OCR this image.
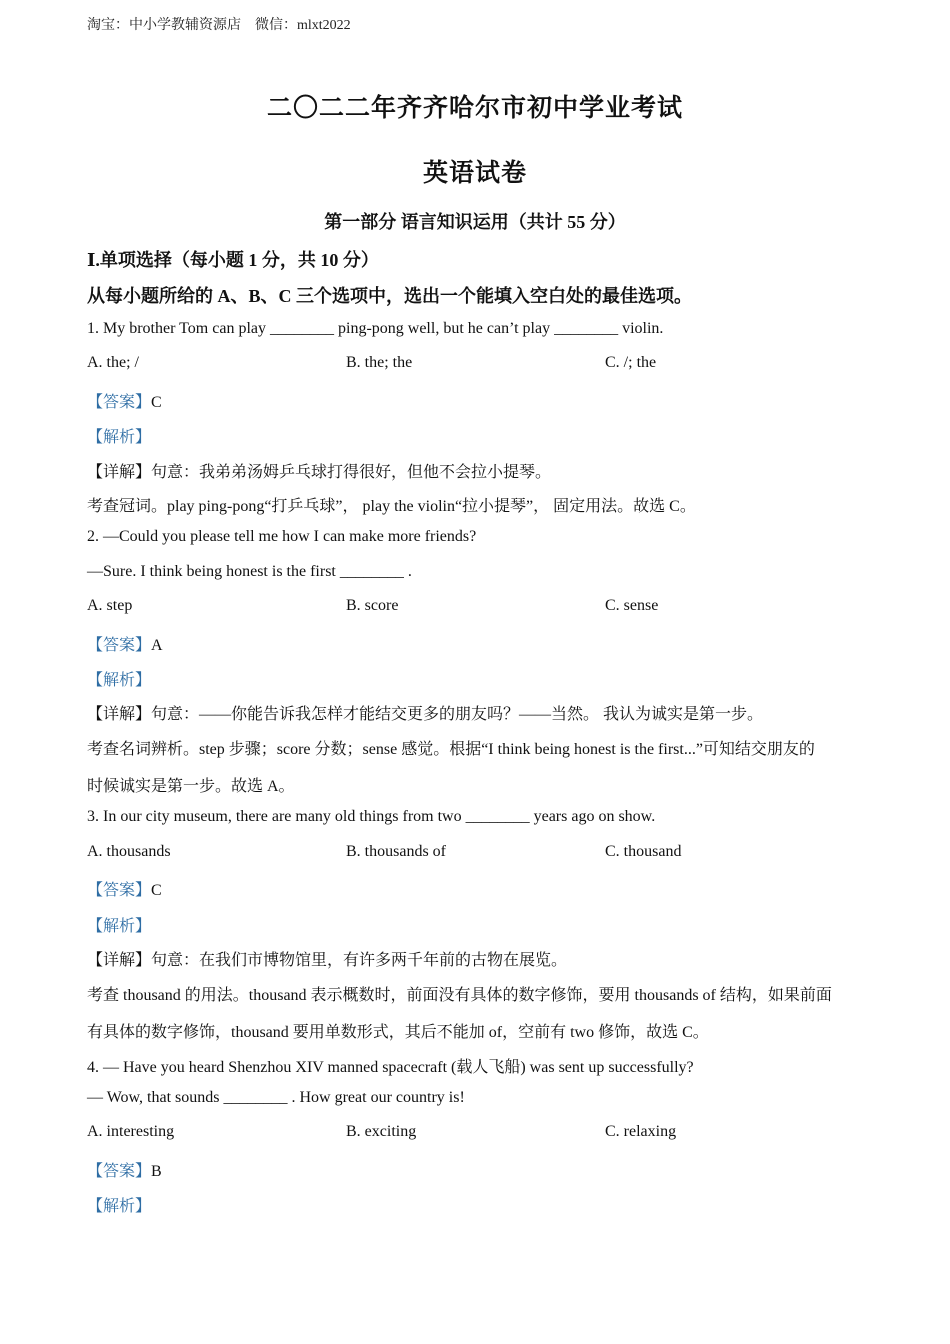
淘宝：中小学教辅资源店　微信：mlxt2022
二〇二二年齐齐哈尔市初中学业考试
英语试卷
第一部分 语言知识运用（共计 55 分）
Ⅰ.单项选择（每小题 1 分，共 10 分）
从每小题所给的 A、B、C 三个选项中，选出一个能填入空白处的最佳选项。
1. My brother Tom can play ________ ping-pong well, but he can’t play ________ violin.
A. the; /	B. the; the	C. /; the
【答案】C
【解析】
【详解】句意：我弟弟汤姆乒乓球打得很好，但他不会拉小提琴。
考查冠词。play ping-pong“打乒乓球”， play the violin“拉小提琴”， 固定用法。故选 C。
2. —Could you please tell me how I can make more friends?
—Sure. I think being honest is the first ________ .
A. step	B. score	C. sense
【答案】A
【解析】
【详解】句意：——你能告诉我怎样才能结交更多的朋友吗？——当然。 我认为诚实是第一步。
考查名词辨析。step 步骤；score 分数；sense 感觉。根据“I think being honest is the first...”可知结交朋友的
时候诚实是第一步。故选 A。
3. In our city museum, there are many old things from two ________ years ago on show.
A. thousands	B. thousands of	C. thousand
【答案】C
【解析】
【详解】句意：在我们市博物馆里，有许多两千年前的古物在展览。
考查 thousand 的用法。thousand 表示概数时，前面没有具体的数字修饰，要用 thousands of 结构，如果前面
有具体的数字修饰，thousand 要用单数形式，其后不能加 of，空前有 two 修饰，故选 C。
4. — Have you heard Shenzhou XIV manned spacecraft (载人飞船) was sent up successfully?
— Wow, that sounds ________ . How great our country is!
A. interesting	B. exciting	C. relaxing
【答案】B
【解析】
